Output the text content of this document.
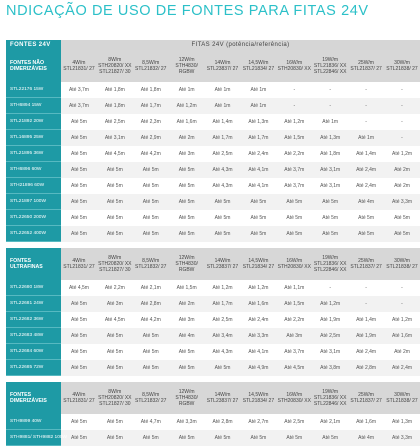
NDICAÇÃO DE USO DE FONTES PARA FITAS 24V
FONTES 24V	FITAS 24V (potência/referência)
FONTES NÃO DIMERIZÁVEIS	4W/m STL21831/ 27	8W/m STH20820/ XX STL21827/ 30	8,5W/m STL21832/ 27	12W/m STH4830/ RGBW	14W/m STL23837/ 27	14,5W/m STL21834/ 27	16W/m STH20830/ XX	19W/m STL21836/ XX STL22846/ XX	25W/m STL21837/ 27	30W/m STL21838/ 27
STL22176 15W	Até 3,7m	Até 1,8m	Até 1,8m	Até 1m	Até 1m	Até 1m	-	-	-	-
STH6894 15W	Até 3,7m	Até 1,8m	Até 1,7m	Até 1,2m	Até 1m	Até 1m	-	-	-	-
STL21892 20W	Até 5m	Até 2,5m	Até 2,3m	Até 1,6m	Até 1,4m	Até 1,3m	Até 1,2m	Até 1m	-	-
STL16895 25W	Até 5m	Até 3,1m	Até 2,9m	Até 2m	Até 1,7m	Até 1,7m	Até 1,5m	Até 1,3m	Até 1m	-
STL21895 36W	Até 5m	Até 4,5m	Até 4,2m	Até 3m	Até 2,5m	Até 2,4m	Até 2,2m	Até 1,8m	Até 1,4m	Até 1,2m
STH6896 60W	Até 5m	Até 5m	Até 5m	Até 5m	Até 4,3m	Até 4,1m	Até 3,7m	Até 3,1m	Até 2,4m	Até 2m
STH21896 60W	Até 5m	Até 5m	Até 5m	Até 5m	Até 4,3m	Até 4,1m	Até 3,7m	Até 3,1m	Até 2,4m	Até 2m
STL21897 100W	Até 5m	Até 5m	Até 5m	Até 5m	Até 5m	Até 5m	Até 5m	Até 5m	Até 4m	Até 3,3m
STL22650 200W	Até 5m	Até 5m	Até 5m	Até 5m	Até 5m	Até 5m	Até 5m	Até 5m	Até 5m	Até 5m
STL22652 400W	Até 5m	Até 5m	Até 5m	Até 5m	Até 5m	Até 5m	Até 5m	Até 5m	Até 5m	Até 5m

FONTES ULTRAFINAS	4W/m STL21831/ 27	8W/m STH20820/ XX STL21827/ 30	8,5W/m STL21832/ 27	12W/m STH4830/ RGBW	14W/m STL23837/ 27	14,5W/m STL21834/ 27	16W/m STH20830/ XX	19W/m STL21836/ XX STL22846/ XX	25W/m STL21837/ 27	30W/m STL21838/ 27
STL22680 18W	Até 4,5m	Até 2,2m	Até 2,1m	Até 1,5m	Até 1,2m	Até 1,2m	Até 1,1m	-	-	-
STL22681 24W	Até 5m	Até 3m	Até 2,8m	Até 2m	Até 1,7m	Até 1,6m	Até 1,5m	Até 1,2m	-	-
STL22682 36W	Até 5m	Até 4,5m	Até 4,2m	Até 3m	Até 2,5m	Até 2,4m	Até 2,2m	Até 1,9m	Até 1,4m	Até 1,2m
STL22683 48W	Até 5m	Até 5m	Até 5m	Até 4m	Até 3,4m	Até 3,3m	Até 3m	Até 2,5m	Até 1,9m	Até 1,6m
STL22684 60W	Até 5m	Até 5m	Até 5m	Até 5m	Até 4,3m	Até 4,1m	Até 3,7m	Até 3,1m	Até 2,4m	Até 2m
STL22685 72W	Até 5m	Até 5m	Até 5m	Até 5m	Até 5m	Até 4,9m	Até 4,5m	Até 3,8m	Até 2,8m	Até 2,4m

FONTES DIMERIZÁVEIS	4W/m STL21831/ 27	8W/m STH20820/ XX STL21827/ 30	8,5W/m STL21832/ 27	12W/m STH4830/ RGBW	14W/m STL23837/ 27	14,5W/m STL21834/ 27	16W/m STH20830/ XX	19W/m STL21836/ XX STL22846/ XX	25W/m STL21837/ 27	30W/m STL21838/ 27
STH9899 40W	Até 5m	Até 5m	Até 4,7m	Até 3,3m	Até 2,8m	Até 2,7m	Até 2,5m	Até 2,1m	Até 1,6m	Até 1,3m
STH9881/ STH9882 100W	Até 5m	Até 5m	Até 5m	Até 5m	Até 5m	Até 5m	Até 5m	Até 5m	Até 4m	Até 3,3m
